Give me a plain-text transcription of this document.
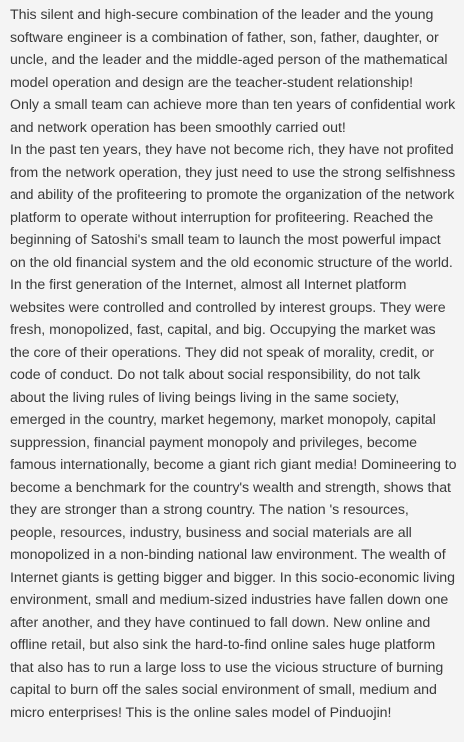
This silent and high-secure combination of the leader and the young software engineer is a combination of father, son, father, daughter, or uncle, and the leader and the middle-aged person of the mathematical model operation and design are the teacher-student relationship!

Only a small team can achieve more than ten years of confidential work and network operation has been smoothly carried out!

In the past ten years, they have not become rich, they have not profited from the network operation, they just need to use the strong selfishness and ability of the profiteering to promote the organization of the network platform to operate without interruption for profiteering. Reached the beginning of Satoshi's small team to launch the most powerful impact on the old financial system and the old economic structure of the world.

In the first generation of the Internet, almost all Internet platform websites were controlled and controlled by interest groups. They were fresh, monopolized, fast, capital, and big. Occupying the market was the core of their operations. They did not speak of morality, credit, or code of conduct. Do not talk about social responsibility, do not talk about the living rules of living beings living in the same society, emerged in the country, market hegemony, market monopoly, capital suppression, financial payment monopoly and privileges, become famous internationally, become a giant rich giant media! Domineering to become a benchmark for the country's wealth and strength, shows that they are stronger than a strong country. The nation 's resources, people, resources, industry, business and social materials are all monopolized in a non-binding national law environment. The wealth of Internet giants is getting bigger and bigger. In this socio-economic living environment, small and medium-sized industries have fallen down one after another, and they have continued to fall down. New online and offline retail, but also sink the hard-to-find online sales huge platform that also has to run a large loss to use the vicious structure of burning capital to burn off the sales social environment of small, medium and micro enterprises! This is the online sales model of Pinduojin!
